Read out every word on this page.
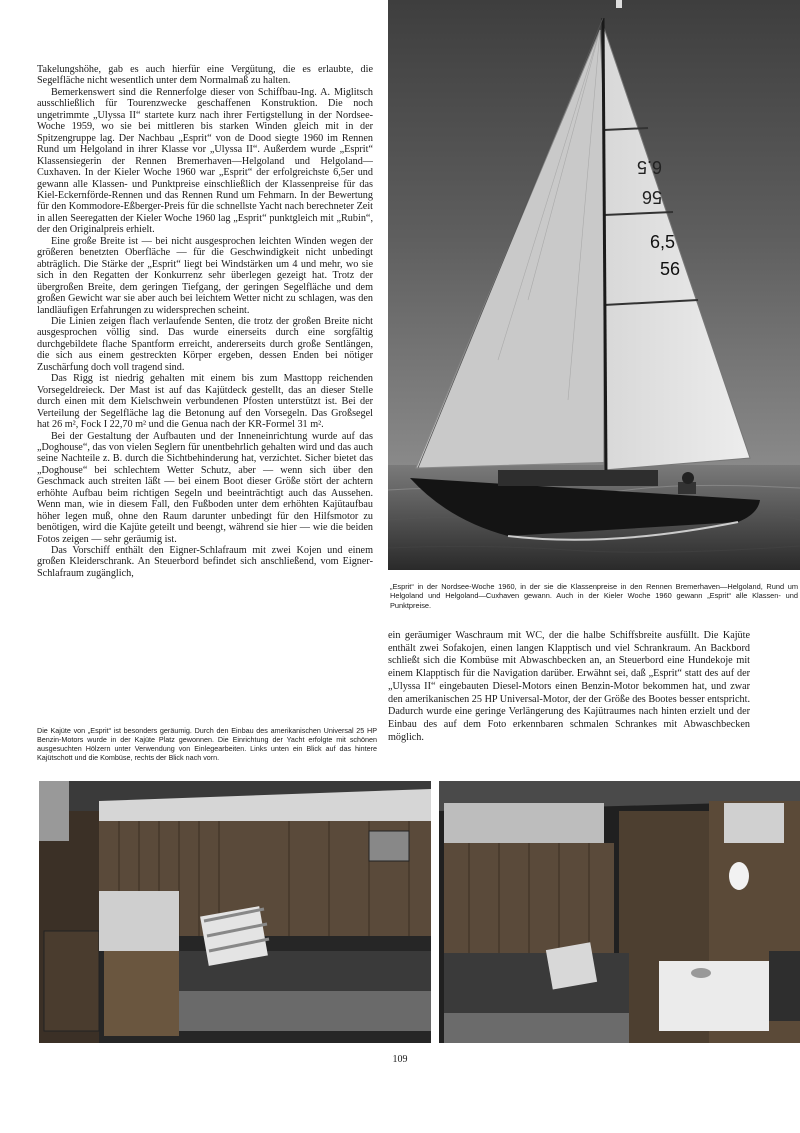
Takelungshöhe, gab es auch hierfür eine Vergütung, die es erlaubte, die Segelfläche nicht wesentlich unter dem Normalmaß zu halten.

Bemerkenswert sind die Rennerfolge dieser von Schiffbau-Ing. A. Miglitsch ausschließlich für Tourenzwecke geschaffenen Konstruktion. Die noch ungetrimmte „Ulyssa II“ startete kurz nach ihrer Fertigstellung in der Nordsee-Woche 1959, wo sie bei mittleren bis starken Winden gleich mit in der Spitzengruppe lag. Der Nachbau „Esprit“ von de Dood siegte 1960 im Rennen Rund um Helgoland in ihrer Klasse vor „Ulyssa II“. Außerdem wurde „Esprit“ Klassensiegerin der Rennen Bremerhaven—Helgoland und Helgoland—Cuxhaven. In der Kieler Woche 1960 war „Esprit“ der erfolgreichste 6,5er und gewann alle Klassen- und Punktpreise einschließlich der Klassenpreise für das Kiel-Eckernförde-Rennen und das Rennen Rund um Fehmarn. In der Bewertung für den Kommodore-Eßberger-Preis für die schnellste Yacht nach berechneter Zeit in allen Seeregatten der Kieler Woche 1960 lag „Esprit“ punktgleich mit „Rubin“, der den Originalpreis erhielt.

Eine große Breite ist — bei nicht ausgesprochen leichten Winden wegen der größeren benetzten Oberfläche — für die Geschwindigkeit nicht unbedingt abträglich. Die Stärke der „Esprit“ liegt bei Windstärken um 4 und mehr, wo sie sich in den Regatten der Konkurrenz sehr überlegen gezeigt hat. Trotz der übergroßen Breite, dem geringen Tiefgang, der geringen Segelfläche und dem großen Gewicht war sie aber auch bei leichtem Wetter nicht zu schlagen, was den landläufigen Erfahrungen zu widersprechen scheint.

Die Linien zeigen flach verlaufende Senten, die trotz der großen Breite nicht ausgesprochen völlig sind. Das wurde einerseits durch eine sorgfältig durchgebildete flache Spantform erreicht, andererseits durch große Sentlängen, die sich aus einem gestreckten Körper ergeben, dessen Enden bei nötiger Zuschärfung doch voll tragend sind.

Das Rigg ist niedrig gehalten mit einem bis zum Masttopp reichenden Vorsegeldreieck. Der Mast ist auf das Kajütdeck gestellt, das an dieser Stelle durch einen mit dem Kielschwein verbundenen Pfosten unterstützt ist. Bei der Verteilung der Segelfläche lag die Betonung auf den Vorsegeln. Das Großsegel hat 26 m², Fock I 22,70 m² und die Genua nach der KR-Formel 31 m².

Bei der Gestaltung der Aufbauten und der Inneneinrichtung wurde auf das „Doghouse“, das von vielen Seglern für unentbehrlich gehalten wird und das auch seine Nachteile z. B. durch die Sichtbehinderung hat, verzichtet. Sicher bietet das „Doghouse“ bei schlechtem Wetter Schutz, aber — wenn sich über den Geschmack auch streiten läßt — bei einem Boot dieser Größe stört der achtern erhöhte Aufbau beim richtigen Segeln und beeinträchtigt auch das Aussehen. Wenn man, wie in diesem Fall, den Fußboden unter dem erhöhten Kajütaufbau höher legen muß, ohne den Raum darunter unbedingt für den Hilfsmotor zu benötigen, wird die Kajüte geteilt und beengt, während sie hier — wie die beiden Fotos zeigen — sehr geräumig ist.

Das Vorschiff enthält den Eigner-Schlafraum mit zwei Kojen und einem großen Kleiderschrank. An Steuerbord befindet sich anschließend, vom Eigner-Schlafraum zugänglich,

6.5
56
6,5
56
„Esprit“ in der Nordsee-Woche 1960, in der sie die Klassenpreise in den Rennen Bremerhaven—Helgoland, Rund um Helgoland und Helgoland—Cuxhaven gewann. Auch in der Kieler Woche 1960 gewann „Esprit“ alle Klassen- und Punktpreise.

ein geräumiger Waschraum mit WC, der die halbe Schiffsbreite ausfüllt. Die Kajüte enthält zwei Sofakojen, einen langen Klapptisch und viel Schrankraum. An Backbord schließt sich die Kombüse mit Abwaschbecken an, an Steuerbord eine Hundekoje mit einem Klapptisch für die Navigation darüber. Erwähnt sei, daß „Esprit“ statt des auf der „Ulyssa II“ eingebauten Diesel-Motors einen Benzin-Motor bekommen hat, und zwar den amerikanischen 25 HP Universal-Motor, der der Größe des Bootes besser entspricht. Dadurch wurde eine geringe Verlängerung des Kajütraumes nach hinten erzielt und der Einbau des auf dem Foto erkennbaren schmalen Schrankes mit Abwaschbecken möglich.

Die Kajüte von „Esprit“ ist besonders geräumig. Durch den Einbau des amerikanischen Universal 25 HP Benzin-Motors wurde in der Kajüte Platz gewonnen. Die Einrichtung der Yacht erfolgte mit schönen ausgesuchten Hölzern unter Verwendung von Einlegearbeiten. Links unten ein Blick auf das hintere Kajütschott und die Kombüse, rechts der Blick nach vorn.
109
